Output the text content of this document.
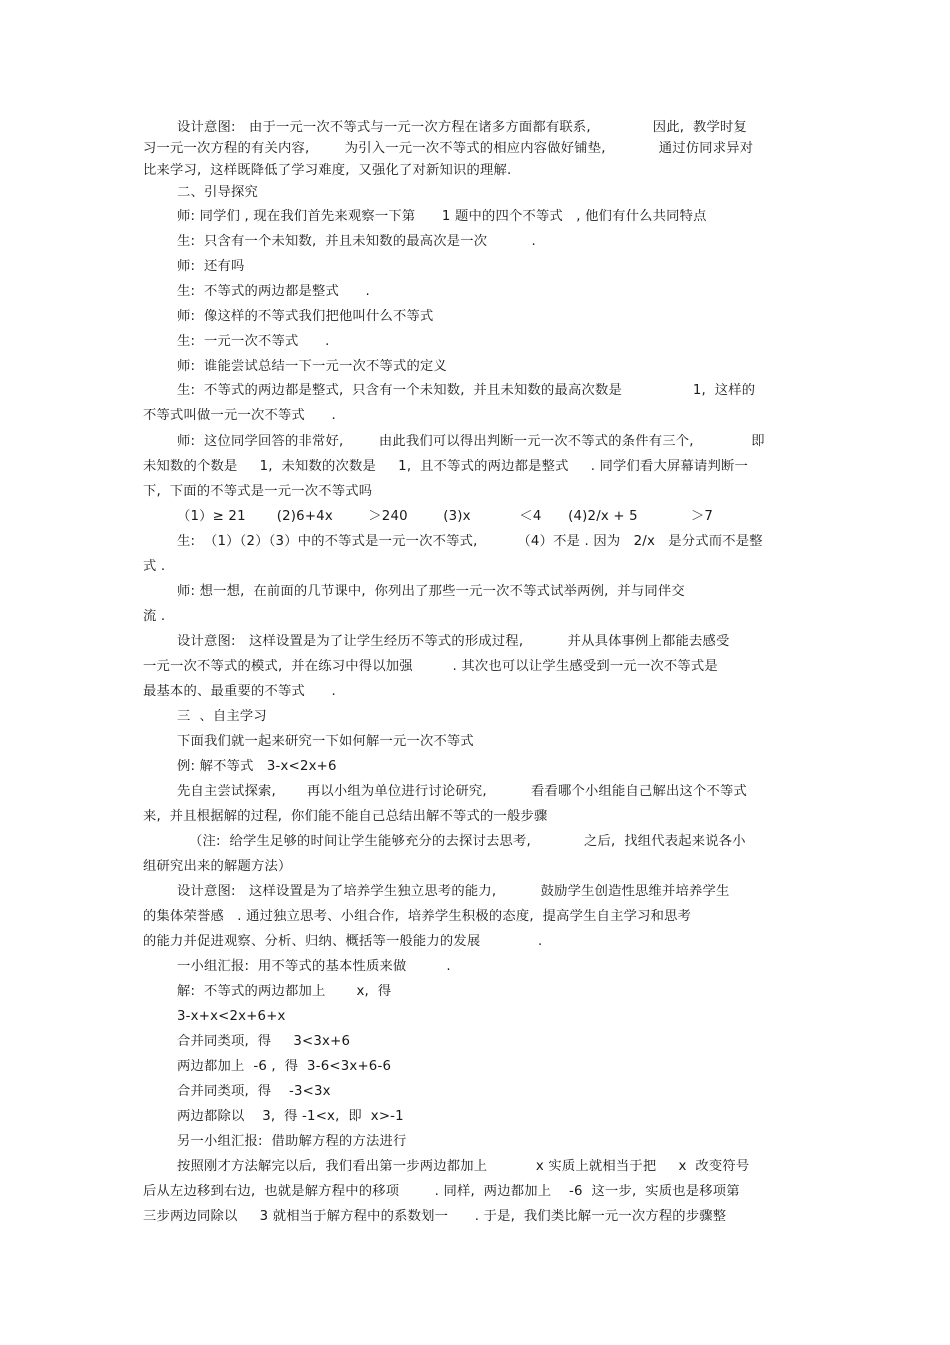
设计意图:   由于一元一次不等式与一元一次方程在诸多方面都有联系,              因此,  教学时复
习一元一次方程的有关内容,        为引入一元一次不等式的相应内容做好铺垫,            通过仿同求异对
比来学习,  这样既降低了学习难度,  又强化了对新知识的理解.
二、引导探究
师: 同学们 , 现在我们首先来观察一下第      1 题中的四个不等式   , 他们有什么共同特点
生:  只含有一个未知数,  并且未知数的最高次是一次          .
师:  还有吗
生:  不等式的两边都是整式      .
师:  像这样的不等式我们把他叫什么不等式
生:  一元一次不等式      .
师:  谁能尝试总结一下一元一次不等式的定义
生:  不等式的两边都是整式,  只含有一个未知数,  并且未知数的最高次数是                1,  这样的
不等式叫做一元一次不等式      .
师:  这位同学回答的非常好,        由此我们可以得出判断一元一次不等式的条件有三个,             即
未知数的个数是     1,  未知数的次数是     1,  且不等式的两边都是整式     . 同学们看大屏幕请判断一
下,  下面的不等式是一元一次不等式吗
（1）≥ 21       (2)6+4x        ＞240        (3)x           ＜4      (4)2/x + 5            ＞7
生:  （1）（2）（3）中的不等式是一元一次不等式,         （4）不是 . 因为   2/x   是分式而不是整
式 .
师: 想一想,  在前面的几节课中,  你列出了那些一元一次不等式试举两例,  并与同伴交
流 .
设计意图:   这样设置是为了让学生经历不等式的形成过程,          并从具体事例上都能去感受
一元一次不等式的模式,  并在练习中得以加强         . 其次也可以让学生感受到一元一次不等式是
最基本的、最重要的不等式      .
三  、自主学习
下面我们就一起来研究一下如何解一元一次不等式
例: 解不等式   3-x<2x+6
先自主尝试探索,       再以小组为单位进行讨论研究,          看看哪个小组能自己解出这个不等式
来,  并且根据解的过程,  你们能不能自己总结出解不等式的一般步骤
（注:  给学生足够的时间让学生能够充分的去探讨去思考,            之后,  找组代表起来说各小
组研究出来的解题方法）
设计意图:   这样设置是为了培养学生独立思考的能力,          鼓励学生创造性思维并培养学生
的集体荣誉感   . 通过独立思考、小组合作,  培养学生积极的态度,  提高学生自主学习和思考
的能力并促进观察、分析、归纳、概括等一般能力的发展             .
一小组汇报:  用不等式的基本性质来做         .
解:  不等式的两边都加上       x,  得
3-x+x<2x+6+x
合并同类项,  得     3<3x+6
两边都加上  -6 ,  得  3-6<3x+6-6
合并同类项,  得    -3<3x
两边都除以    3,  得 -1<x,  即  x>-1
另一小组汇报:  借助解方程的方法进行
按照刚才方法解完以后,  我们看出第一步两边都加上           x 实质上就相当于把     x  改变符号
后从左边移到右边,  也就是解方程中的移项        . 同样,  两边都加上    -6  这一步,  实质也是移项第
三步两边同除以     3 就相当于解方程中的系数划一      . 于是,  我们类比解一元一次方程的步骤整
